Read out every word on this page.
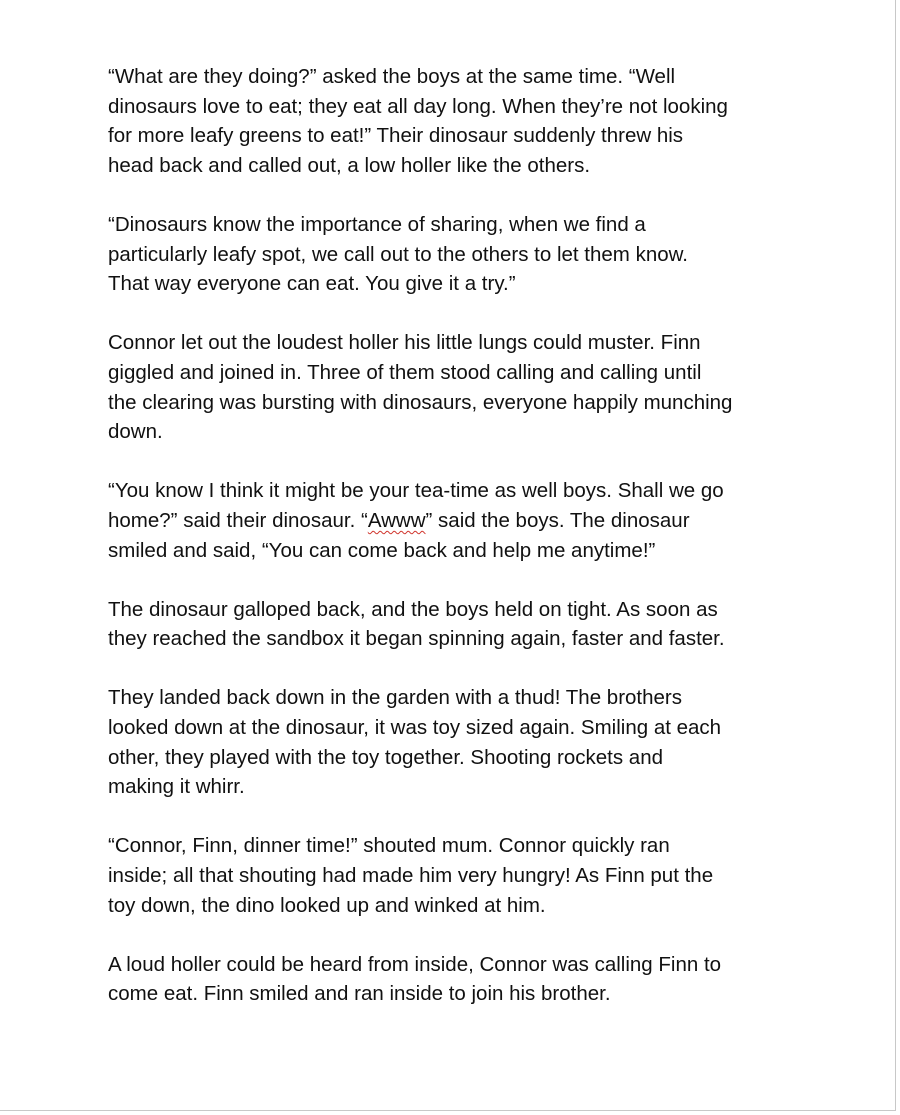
“What are they doing?” asked the boys at the same time. “Well
dinosaurs love to eat; they eat all day long. When they’re not looking
for more leafy greens to eat!” Their dinosaur suddenly threw his
head back and called out, a low holler like the others.

“Dinosaurs know the importance of sharing, when we find a
particularly leafy spot, we call out to the others to let them know.
That way everyone can eat. You give it a try.”

Connor let out the loudest holler his little lungs could muster. Finn
giggled and joined in. Three of them stood calling and calling until
the clearing was bursting with dinosaurs, everyone happily munching
down.

“You know I think it might be your tea-time as well boys. Shall we go
home?” said their dinosaur. “Awww” said the boys. The dinosaur
smiled and said, “You can come back and help me anytime!”

The dinosaur galloped back, and the boys held on tight. As soon as
they reached the sandbox it began spinning again, faster and faster.

They landed back down in the garden with a thud! The brothers
looked down at the dinosaur, it was toy sized again. Smiling at each
other, they played with the toy together. Shooting rockets and
making it whirr.

“Connor, Finn, dinner time!” shouted mum. Connor quickly ran
inside; all that shouting had made him very hungry! As Finn put the
toy down, the dino looked up and winked at him.

A loud holler could be heard from inside, Connor was calling Finn to
come eat. Finn smiled and ran inside to join his brother.
